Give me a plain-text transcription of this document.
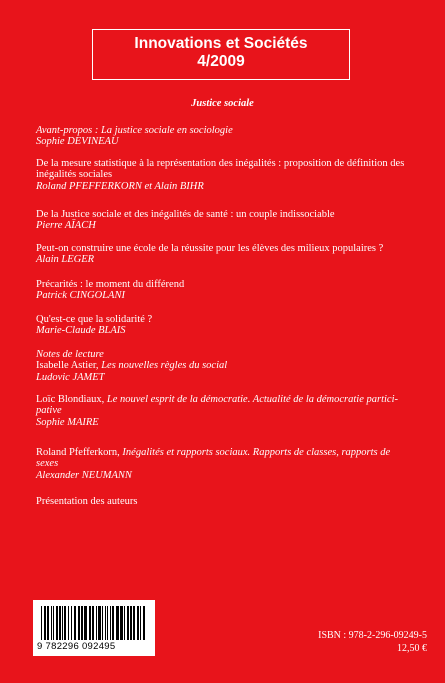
Innovations et Sociétés
4/2009
Justice sociale
Avant-propos : La justice sociale en sociologie
Sophie DEVINEAU
De la mesure statistique à la représentation des inégalités : proposition de définition des
inégalités sociales
Roland PFEFFERKORN et Alain BIHR
De la Justice sociale et des inégalités de santé : un couple indissociable
Pierre AÏACH
Peut-on construire une école de la réussite pour les élèves des milieux populaires ?
Alain LEGER
Précarités : le moment du différend
Patrick CINGOLANI
Qu'est-ce que la solidarité ?
Marie-Claude BLAIS
Notes de lecture
Isabelle Astier, Les nouvelles règles du social
Ludovic JAMET
Loïc Blondiaux, Le nouvel esprit de la démocratie. Actualité de la démocratie partici-
pative
Sophie MAIRE
Roland Pfefferkorn, Inégalités et rapports sociaux. Rapports de classes, rapports de
sexes
Alexander NEUMANN
Présentation des auteurs
9 782296 092495
ISBN : 978-2-296-09249-5
12,50 €
